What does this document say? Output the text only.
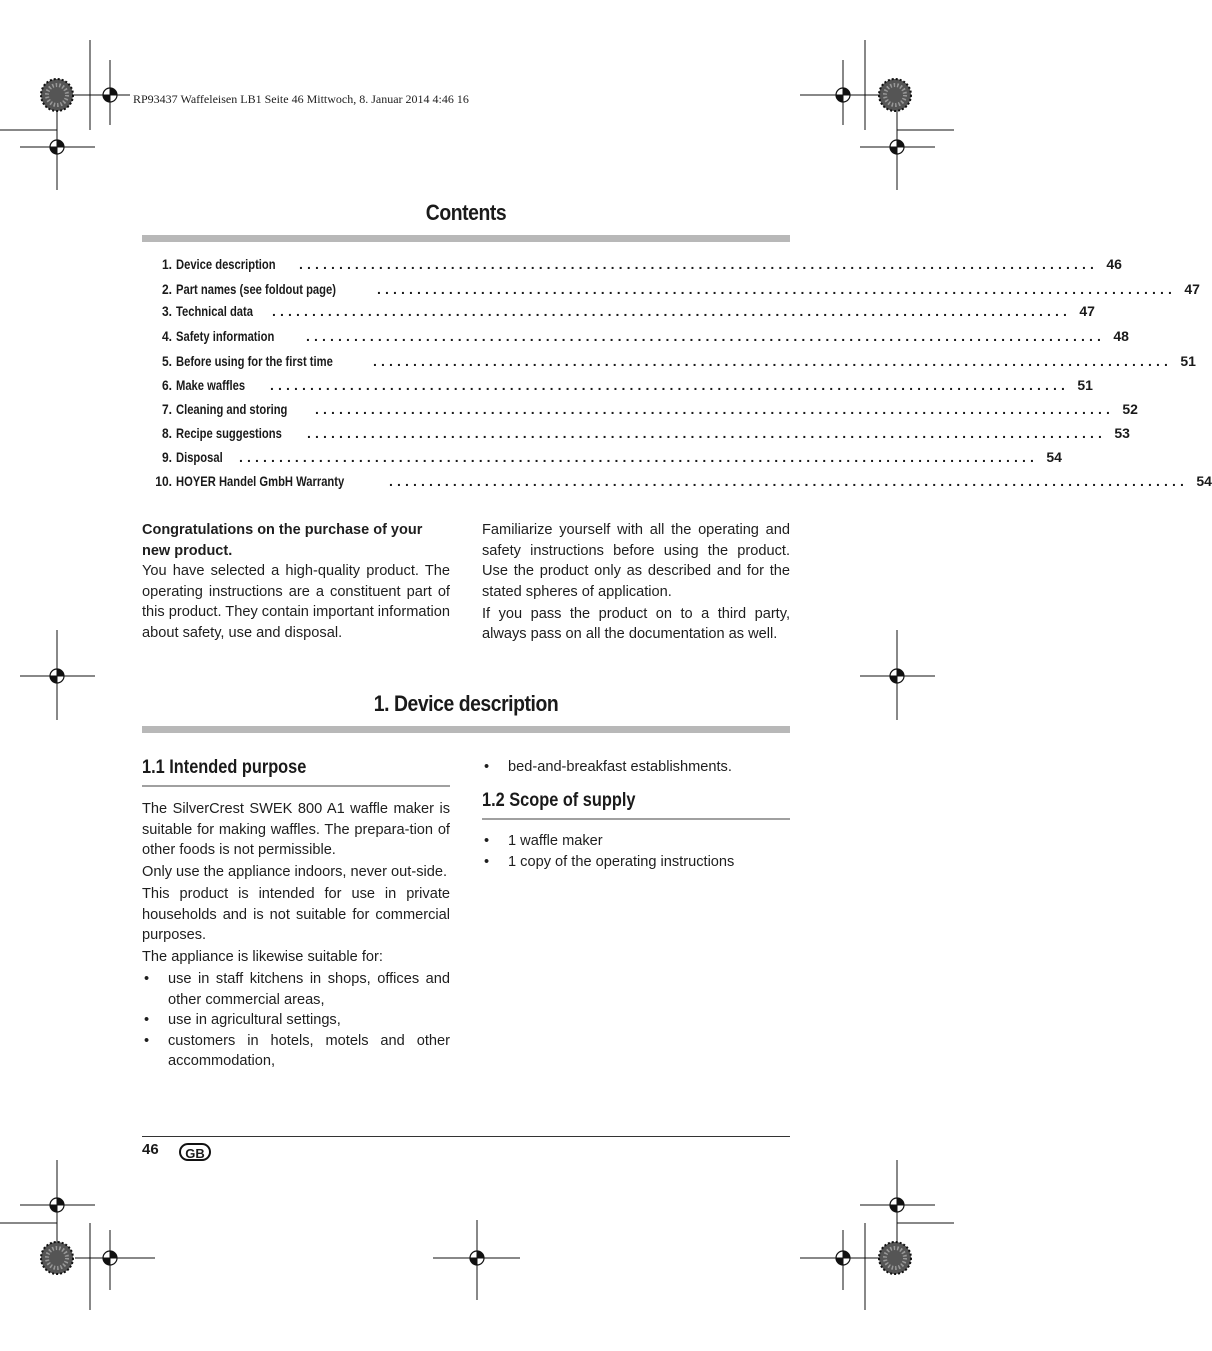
RP93437 Waffeleisen LB1 Seite 46 Mittwoch, 8. Januar 2014 4:46 16
Contents
1. Device description .................................................................................................... 46
2. Part names (see foldout page)	.................................................................................................... 47
3. Technical data .................................................................................................... 47
4. Safety information .................................................................................................... 48
5. Before using for the first time	.................................................................................................... 51
6. Make waffles .................................................................................................... 51
7. Cleaning and storing .................................................................................................... 52
8. Recipe suggestions .................................................................................................... 53
9. Disposal .................................................................................................... 54
10. HOYER Handel GmbH Warranty	.................................................................................................... 54
Congratulations on the purchase of your new product.

You have selected a high-quality product. The operating instructions are a constituent part of this product. They contain important information about safety, use and disposal.

Familiarize yourself with all the operating and safety instructions before using the product. Use the product only as described and for the stated spheres of application.

If you pass the product on to a third party, always pass on all the documentation as well.

1. Device description
1.1 Intended purpose

The SilverCrest SWEK 800 A1 waffle maker is suitable for making waffles. The prepara-tion of other foods is not permissible.

Only use the appliance indoors, never out-side.

This product is intended for use in private households and is not suitable for commercial purposes.

The appliance is likewise suitable for:

• use in staff kitchens in shops, offices and other commercial areas,
• use in agricultural settings,
• customers in hotels, motels and other accommodation,
• bed-and-breakfast establishments.
1.2 Scope of supply
• 1 waffle maker
• 1 copy of the operating instructions
46	GB
